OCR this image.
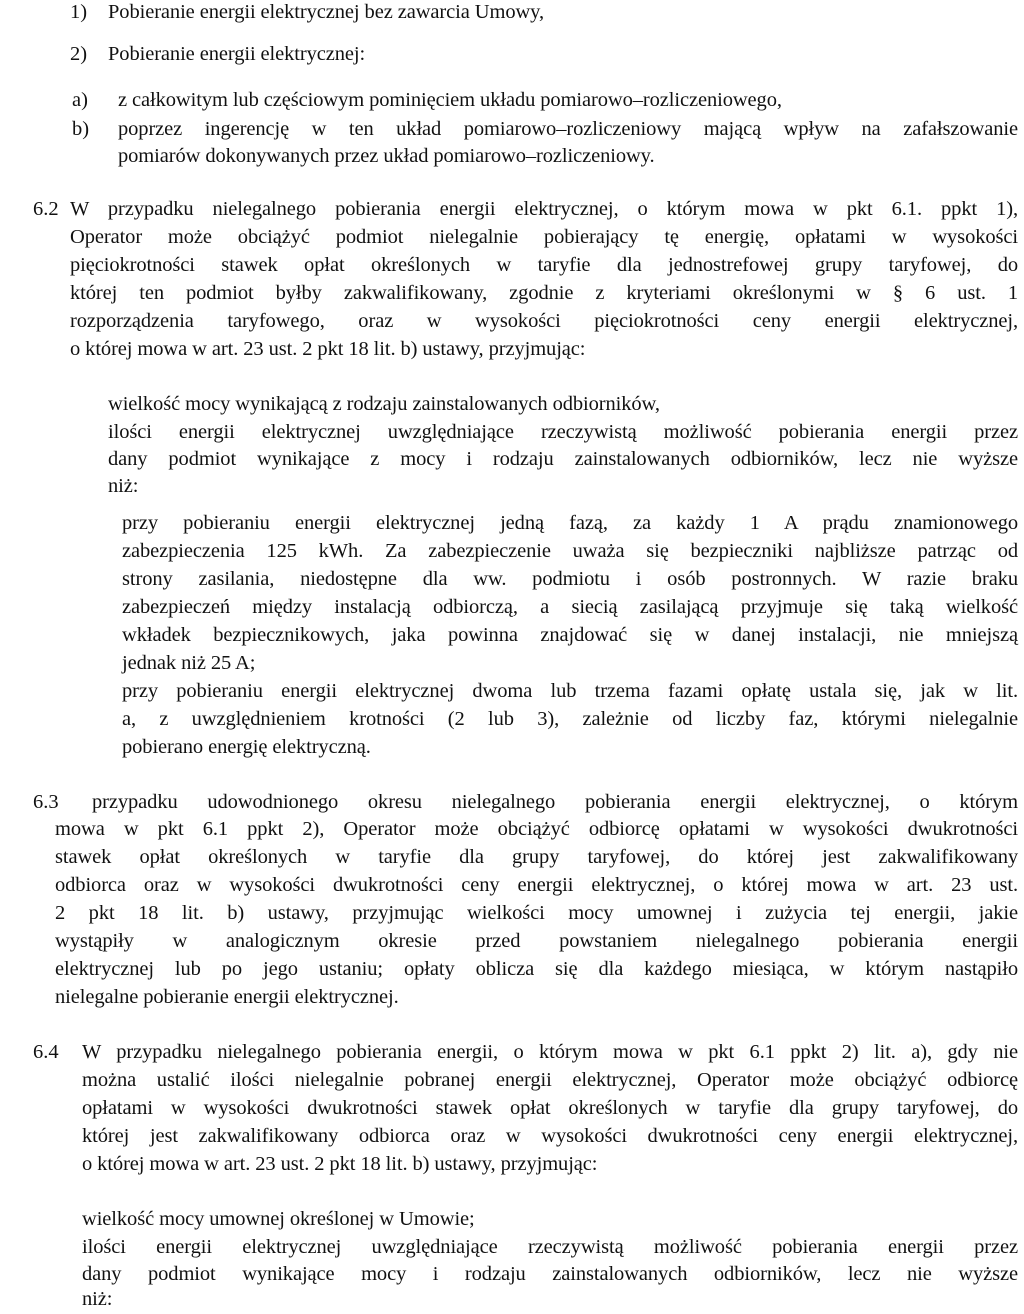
1) Pobieranie energii elektrycznej bez zawarcia Umowy,
2) Pobieranie energii elektrycznej:
a) z całkowitym lub częściowym pominięciem układu pomiarowo–rozliczeniowego,
b) poprzez ingerencję w ten układ pomiarowo–rozliczeniowy mającą wpływ na zafałszowanie
pomiarów dokonywanych przez układ pomiarowo–rozliczeniowy.
6.2 W przypadku nielegalnego pobierania energii elektrycznej, o którym mowa w pkt 6.1. ppkt 1),
Operator może obciążyć podmiot nielegalnie pobierający tę energię, opłatami w wysokości
pięciokrotności stawek opłat określonych w taryfie dla jednostrefowej grupy taryfowej, do
której ten podmiot byłby zakwalifikowany, zgodnie z kryteriami określonymi w § 6 ust. 1
rozporządzenia taryfowego, oraz w wysokości pięciokrotności ceny energii elektrycznej,
o której mowa w art. 23 ust. 2 pkt 18 lit. b) ustawy, przyjmując:
wielkość mocy wynikającą z rodzaju zainstalowanych odbiorników,
ilości energii elektrycznej uwzględniające rzeczywistą możliwość pobierania energii przez
dany podmiot wynikające z mocy i rodzaju zainstalowanych odbiorników, lecz nie wyższe
niż:
przy pobieraniu energii elektrycznej jedną fazą, za każdy 1 A prądu znamionowego
zabezpieczenia 125 kWh. Za zabezpieczenie uważa się bezpieczniki najbliższe patrząc od
strony zasilania, niedostępne dla ww. podmiotu i osób postronnych. W razie braku
zabezpieczeń między instalacją odbiorczą, a siecią zasilającą przyjmuje się taką wielkość
wkładek bezpiecznikowych, jaka powinna znajdować się w danej instalacji, nie mniejszą
jednak niż 25 A;
przy pobieraniu energii elektrycznej dwoma lub trzema fazami opłatę ustala się, jak w lit.
a, z uwzględnieniem krotności (2 lub 3), zależnie od liczby faz, którymi nielegalnie
pobierano energię elektryczną.
6.3 przypadku udowodnionego okresu nielegalnego pobierania energii elektrycznej, o którym
mowa w pkt 6.1 ppkt 2), Operator może obciążyć odbiorcę opłatami w wysokości dwukrotności
stawek opłat określonych w taryfie dla grupy taryfowej, do której jest zakwalifikowany
odbiorca oraz w wysokości dwukrotności ceny energii elektrycznej, o której mowa w art. 23 ust.
2 pkt 18 lit. b) ustawy, przyjmując wielkości mocy umownej i zużycia tej energii, jakie
wystąpiły w analogicznym okresie przed powstaniem nielegalnego pobierania energii
elektrycznej lub po jego ustaniu; opłaty oblicza się dla każdego miesiąca, w którym nastąpiło
nielegalne pobieranie energii elektrycznej.
6.4 W przypadku nielegalnego pobierania energii, o którym mowa w pkt 6.1 ppkt 2) lit. a), gdy nie
można ustalić ilości nielegalnie pobranej energii elektrycznej, Operator może obciążyć odbiorcę
opłatami w wysokości dwukrotności stawek opłat określonych w taryfie dla grupy taryfowej, do
której jest zakwalifikowany odbiorca oraz w wysokości dwukrotności ceny energii elektrycznej,
o której mowa w art. 23 ust. 2 pkt 18 lit. b) ustawy, przyjmując:
wielkość mocy umownej określonej w Umowie;
ilości energii elektrycznej uwzględniające rzeczywistą możliwość pobierania energii przez
dany podmiot wynikające mocy i rodzaju zainstalowanych odbiorników, lecz nie wyższe
niż:
